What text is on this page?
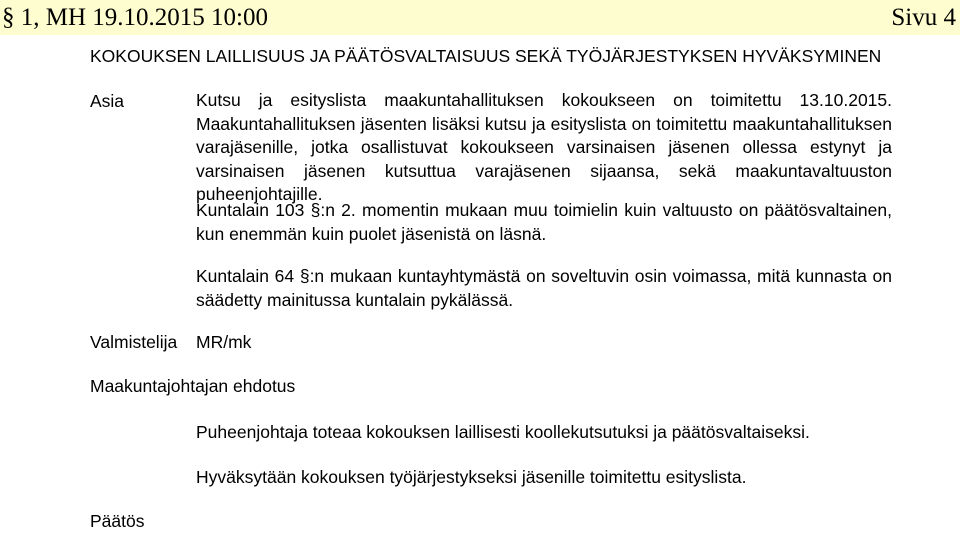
§ 1, MH 19.10.2015 10:00	Sivu 4
KOKOUKSEN LAILLISUUS JA PÄÄTÖSVALTAISUUS SEKÄ TYÖJÄRJESTYKSEN HYVÄKSYMINEN
Asia	Kutsu ja esityslista maakuntahallituksen kokoukseen on toimitettu 13.10.2015. Maakuntahallituksen jäsenten lisäksi kutsu ja esityslista on toimitettu maakuntahallituksen varajäsenille, jotka osallistuvat kokoukseen varsinaisen jäsenen ollessa estynyt ja varsinaisen jäsenen kutsuttua varajäsenen sijaansa, sekä maakuntavaltuuston puheenjohtajille.

Kuntalain 103 §:n 2. momentin mukaan muu toimielin kuin valtuusto on päätösvaltainen, kun enemmän kuin puolet jäsenistä on läsnä.

Kuntalain 64 §:n mukaan kuntayhtymästä on soveltuvin osin voimassa, mitä kunnasta on säädetty mainitussa kuntalain pykälässä.

Valmistelija MR/mk
Maakuntajohtajan ehdotus
Puheenjohtaja toteaa kokouksen laillisesti koollekutsutuksi ja päätösvaltaiseksi.
Hyväksytään kokouksen työjärjestykseksi jäsenille toimitettu esityslista.
Päätös
